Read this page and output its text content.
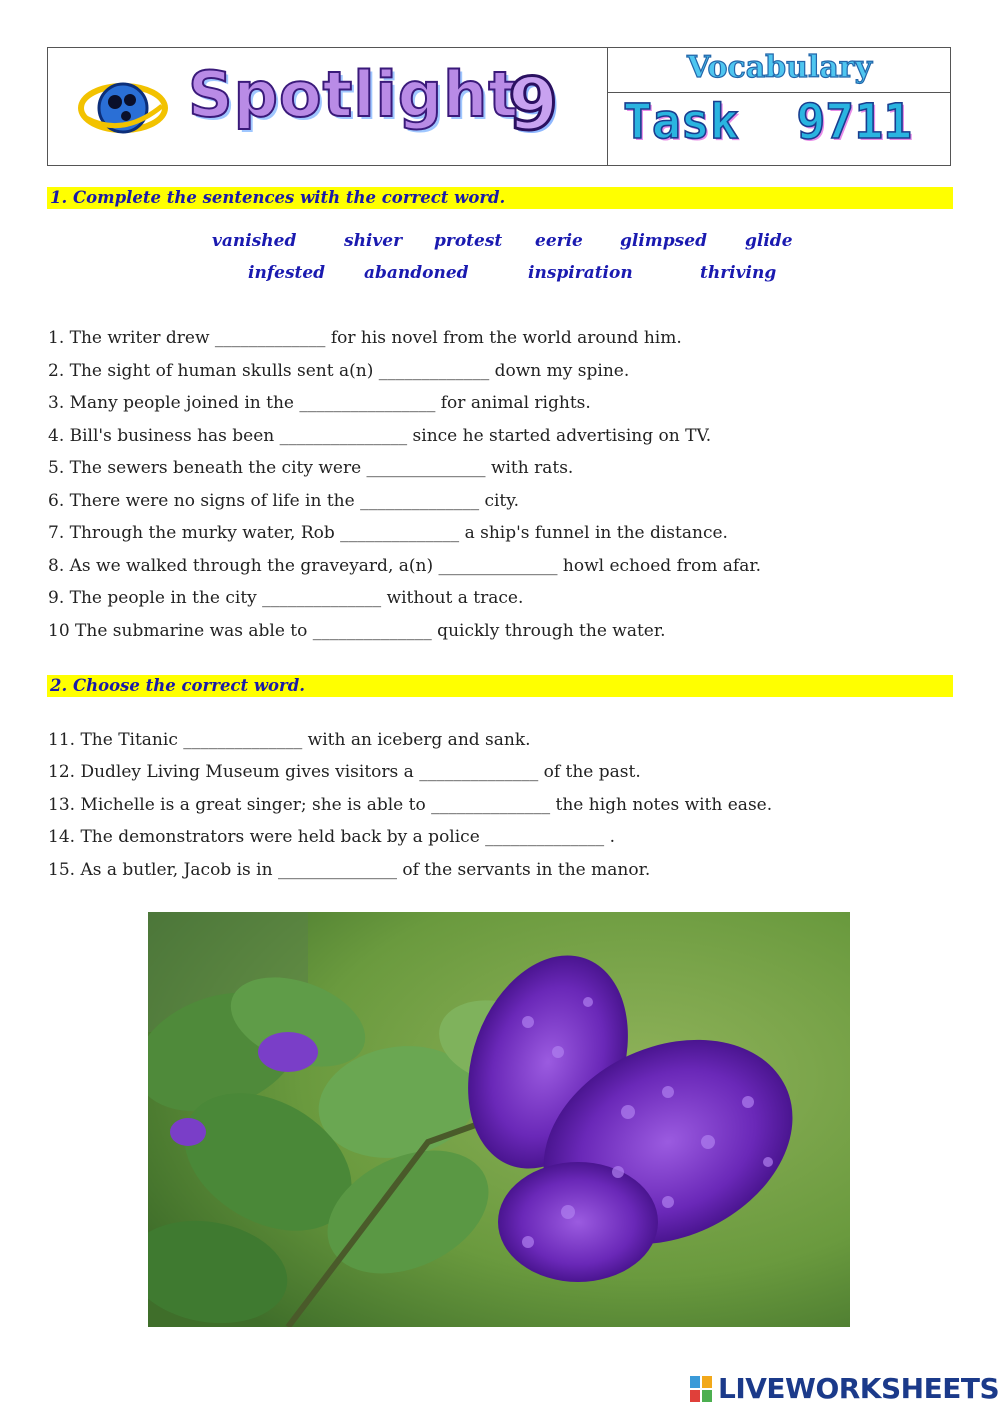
Spotlight
9	Vocabulary
Task  9711
1. Complete the sentences with the correct word.
vanished	shiver protest eerie glimpsed glide
infested abandoned	inspiration	thriving
1. The writer drew _____________ for his novel from the world around him.
2. The sight of human skulls sent a(n) _____________ down my spine.
3. Many people joined in the ________________ for animal rights.
4. Bill's business has been _______________ since he started advertising on TV.
5. The sewers beneath the city were ______________ with rats.
6. There were no signs of life in the ______________ city.
7. Through the murky water, Rob ______________ a ship's funnel in the distance.
8. As we walked through the graveyard, a(n) ______________ howl echoed from afar.
9. The people in the city ______________ without a trace.
10 The submarine was able to ______________ quickly through the water.
2. Choose the correct word.
11. The Titanic ______________ with an iceberg and sank.
12. Dudley Living Museum gives visitors a ______________ of the past.
13. Michelle is a great singer; she is able to ______________ the high notes with ease.
14. The demonstrators were held back by a police ______________ .
15. As a butler, Jacob is in ______________ of the servants in the manor.
LIVEWORKSHEETS
